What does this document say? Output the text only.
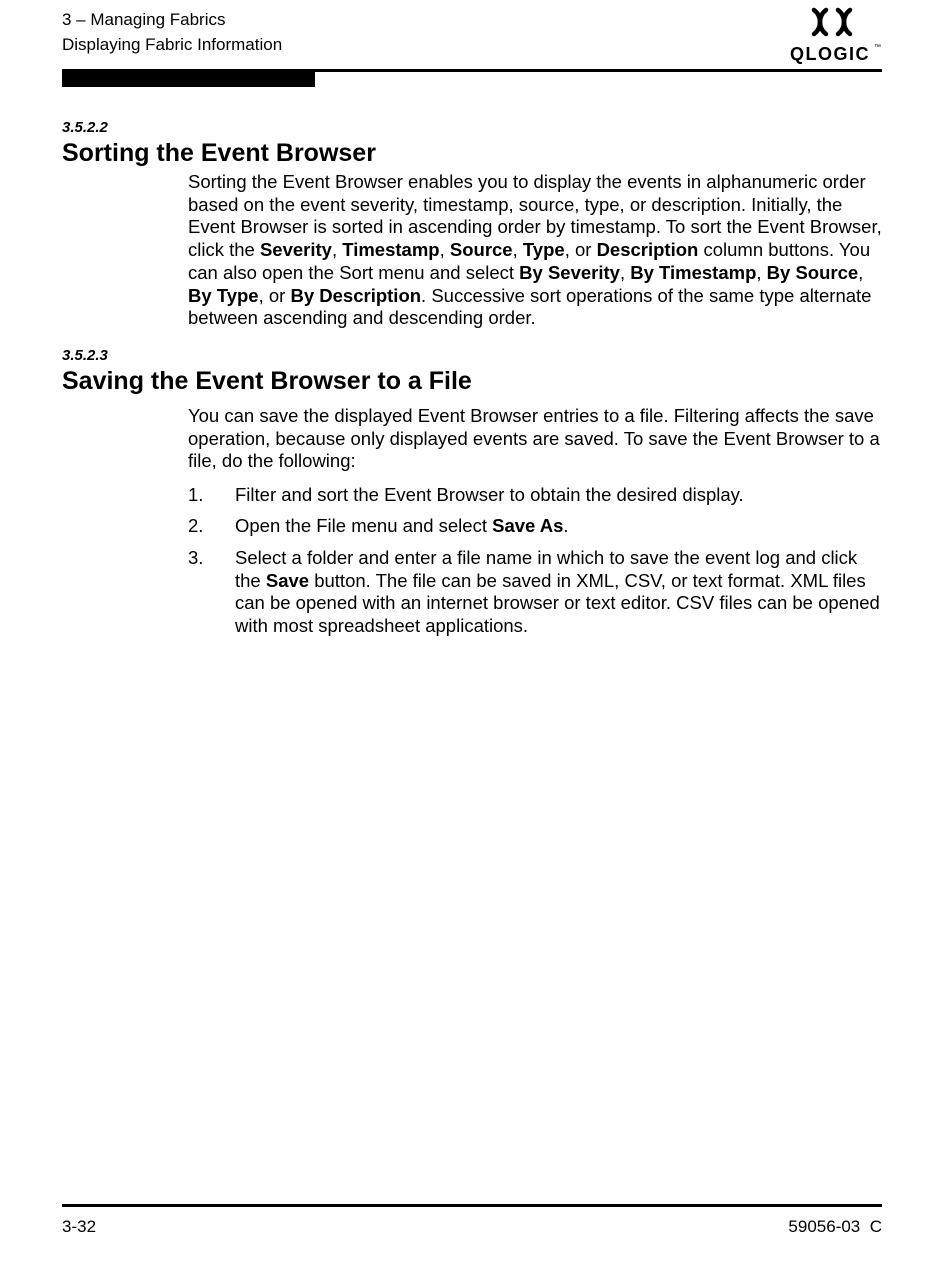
3 – Managing Fabrics
Displaying Fabric Information	QLOGIC ™
3.5.2.2
Sorting the Event Browser

Sorting the Event Browser enables you to display the events in alphanumeric order based on the event severity, timestamp, source, type, or description. Initially, the Event Browser is sorted in ascending order by timestamp. To sort the Event Browser, click the Severity, Timestamp, Source, Type, or Description column buttons. You can also open the Sort menu and select By Severity, By Timestamp, By Source, By Type, or By Description. Successive sort operations of the same type alternate between ascending and descending order.

3.5.2.3
Saving the Event Browser to a File

You can save the displayed Event Browser entries to a file. Filtering affects the save operation, because only displayed events are saved. To save the Event Browser to a file, do the following:

1. Filter and sort the Event Browser to obtain the desired display.
2. Open the File menu and select Save As.
3. Select a folder and enter a file name in which to save the event log and click the Save button. The file can be saved in XML, CSV, or text format. XML files can be opened with an internet browser or text editor. CSV files can be opened with most spreadsheet applications.
3-32	59056-03  C
